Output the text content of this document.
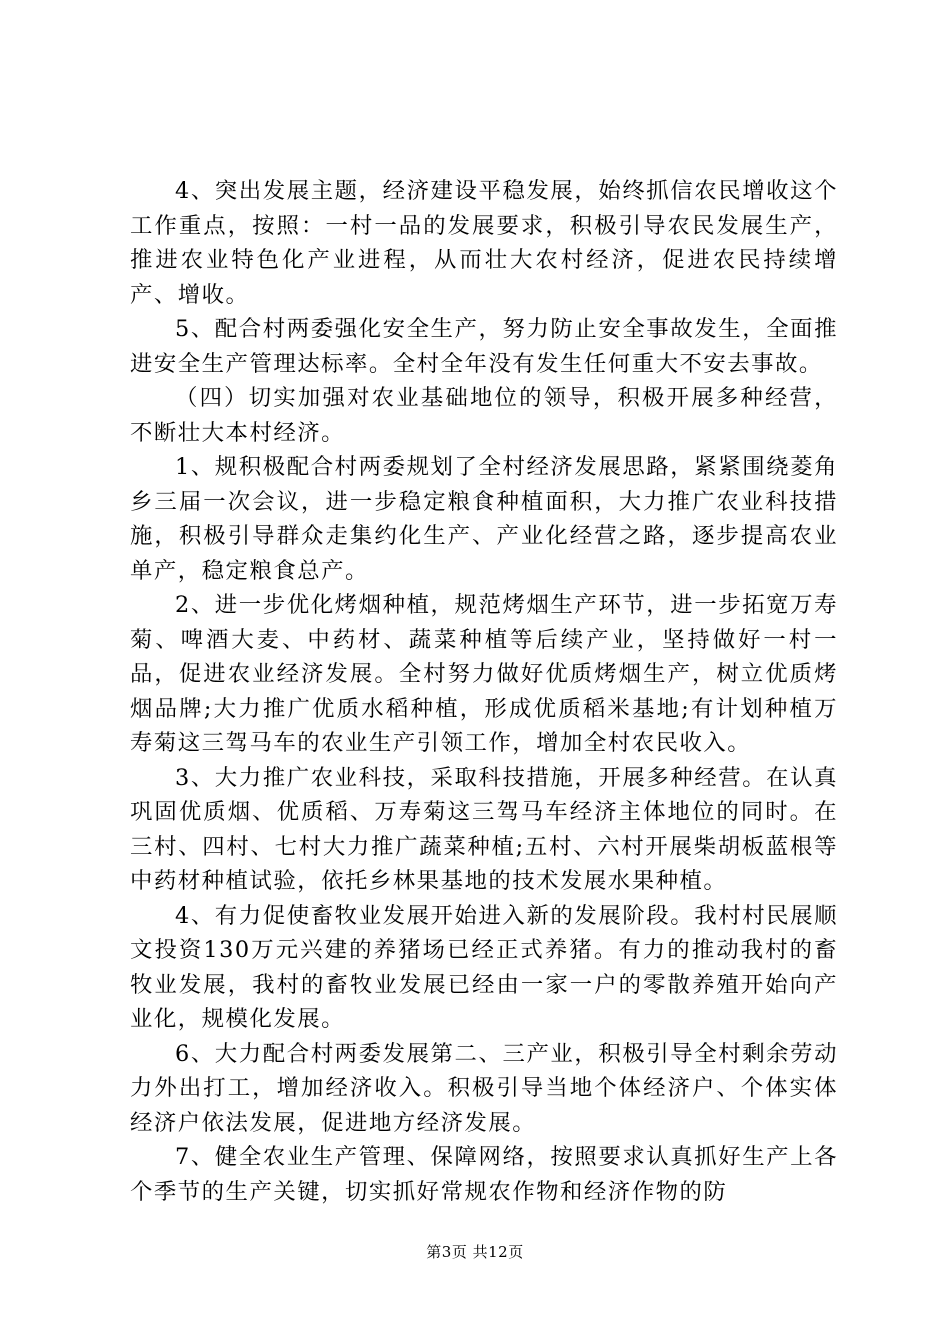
4、突出发展主题，经济建设平稳发展，始终抓信农民增收这个工作重点，按照：一村一品的发展要求，积极引导农民发展生产，推进农业特色化产业进程，从而壮大农村经济，促进农民持续增产、增收。

5、配合村两委强化安全生产，努力防止安全事故发生，全面推进安全生产管理达标率。全村全年没有发生任何重大不安去事故。

（四）切实加强对农业基础地位的领导，积极开展多种经营，不断壮大本村经济。

1、规积极配合村两委规划了全村经济发展思路，紧紧围绕菱角乡三届一次会议，进一步稳定粮食种植面积，大力推广农业科技措施，积极引导群众走集约化生产、产业化经营之路，逐步提高农业单产，稳定粮食总产。

2、进一步优化烤烟种植，规范烤烟生产环节，进一步拓宽万寿菊、啤酒大麦、中药材、蔬菜种植等后续产业，坚持做好一村一品，促进农业经济发展。全村努力做好优质烤烟生产，树立优质烤烟品牌;大力推广优质水稻种植，形成优质稻米基地;有计划种植万寿菊这三驾马车的农业生产引领工作，增加全村农民收入。

3、大力推广农业科技，采取科技措施，开展多种经营。在认真巩固优质烟、优质稻、万寿菊这三驾马车经济主体地位的同时。在三村、四村、七村大力推广蔬菜种植;五村、六村开展柴胡板蓝根等中药材种植试验，依托乡林果基地的技术发展水果种植。

4、有力促使畜牧业发展开始进入新的发展阶段。我村村民展顺文投资130万元兴建的养猪场已经正式养猪。有力的推动我村的畜牧业发展，我村的畜牧业发展已经由一家一户的零散养殖开始向产业化，规模化发展。

6、大力配合村两委发展第二、三产业，积极引导全村剩余劳动力外出打工，增加经济收入。积极引导当地个体经济户、个体实体经济户依法发展，促进地方经济发展。

7、健全农业生产管理、保障网络，按照要求认真抓好生产上各个季节的生产关键，切实抓好常规农作物和经济作物的防

第3页 共12页
